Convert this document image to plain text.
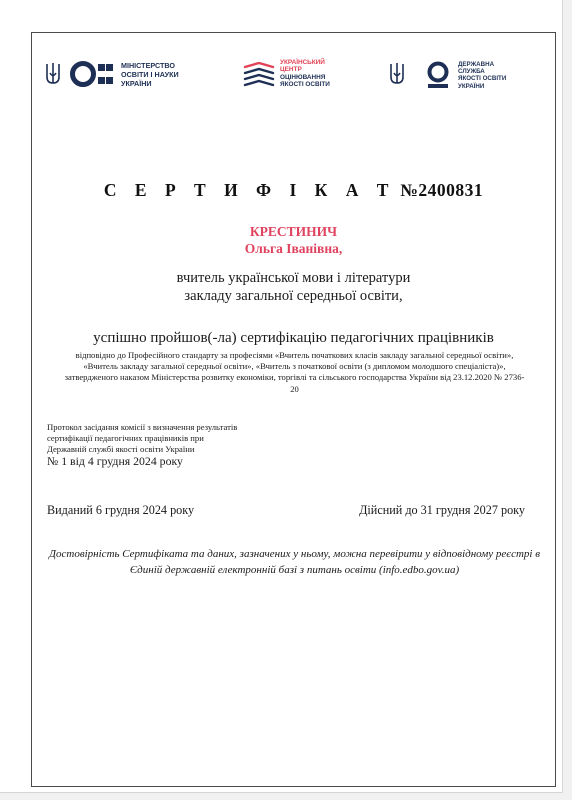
МІНІСТЕРСТВО
ОСВІТИ І НАУКИ
УКРАЇНИ
УКРАЇНСЬКИЙ
ЦЕНТР
ОЦІНЮВАННЯ
ЯКОСТІ ОСВІТИ
ДЕРЖАВНА
СЛУЖБА
ЯКОСТІ ОСВІТИ
УКРАЇНИ
С Е Р Т И Ф І К А Т №2400831
КРЕСТИНИЧ
Ольга Іванівна,
вчитель української мови і літератури
закладу загальної середньої освіти,
успішно пройшов(-ла) сертифікацію педагогічних працівників
відповідно до Професійного стандарту за професіями «Вчитель початкових класів закладу загальної середньої освіти», «Вчитель закладу загальної середньої освіти», «Вчитель з початкової освіти (з дипломом молодшого спеціаліста)», затвердженого наказом Міністерства розвитку економіки, торгівлі та сільського господарства України від 23.12.2020 № 2736-20
Протокол засідання комісії з визначення результатів
сертифікації педагогічних працівників при
Державній службі якості освіти України
№ 1 від 4 грудня 2024 року
Виданий 6 грудня 2024 року	Дійсний до 31 грудня 2027 року
Достовірність Сертифіката та даних, зазначених у ньому, можна перевірити у відповідному реєстрі в Єдиній державній електронній базі з питань освіти (info.edbo.gov.ua)
